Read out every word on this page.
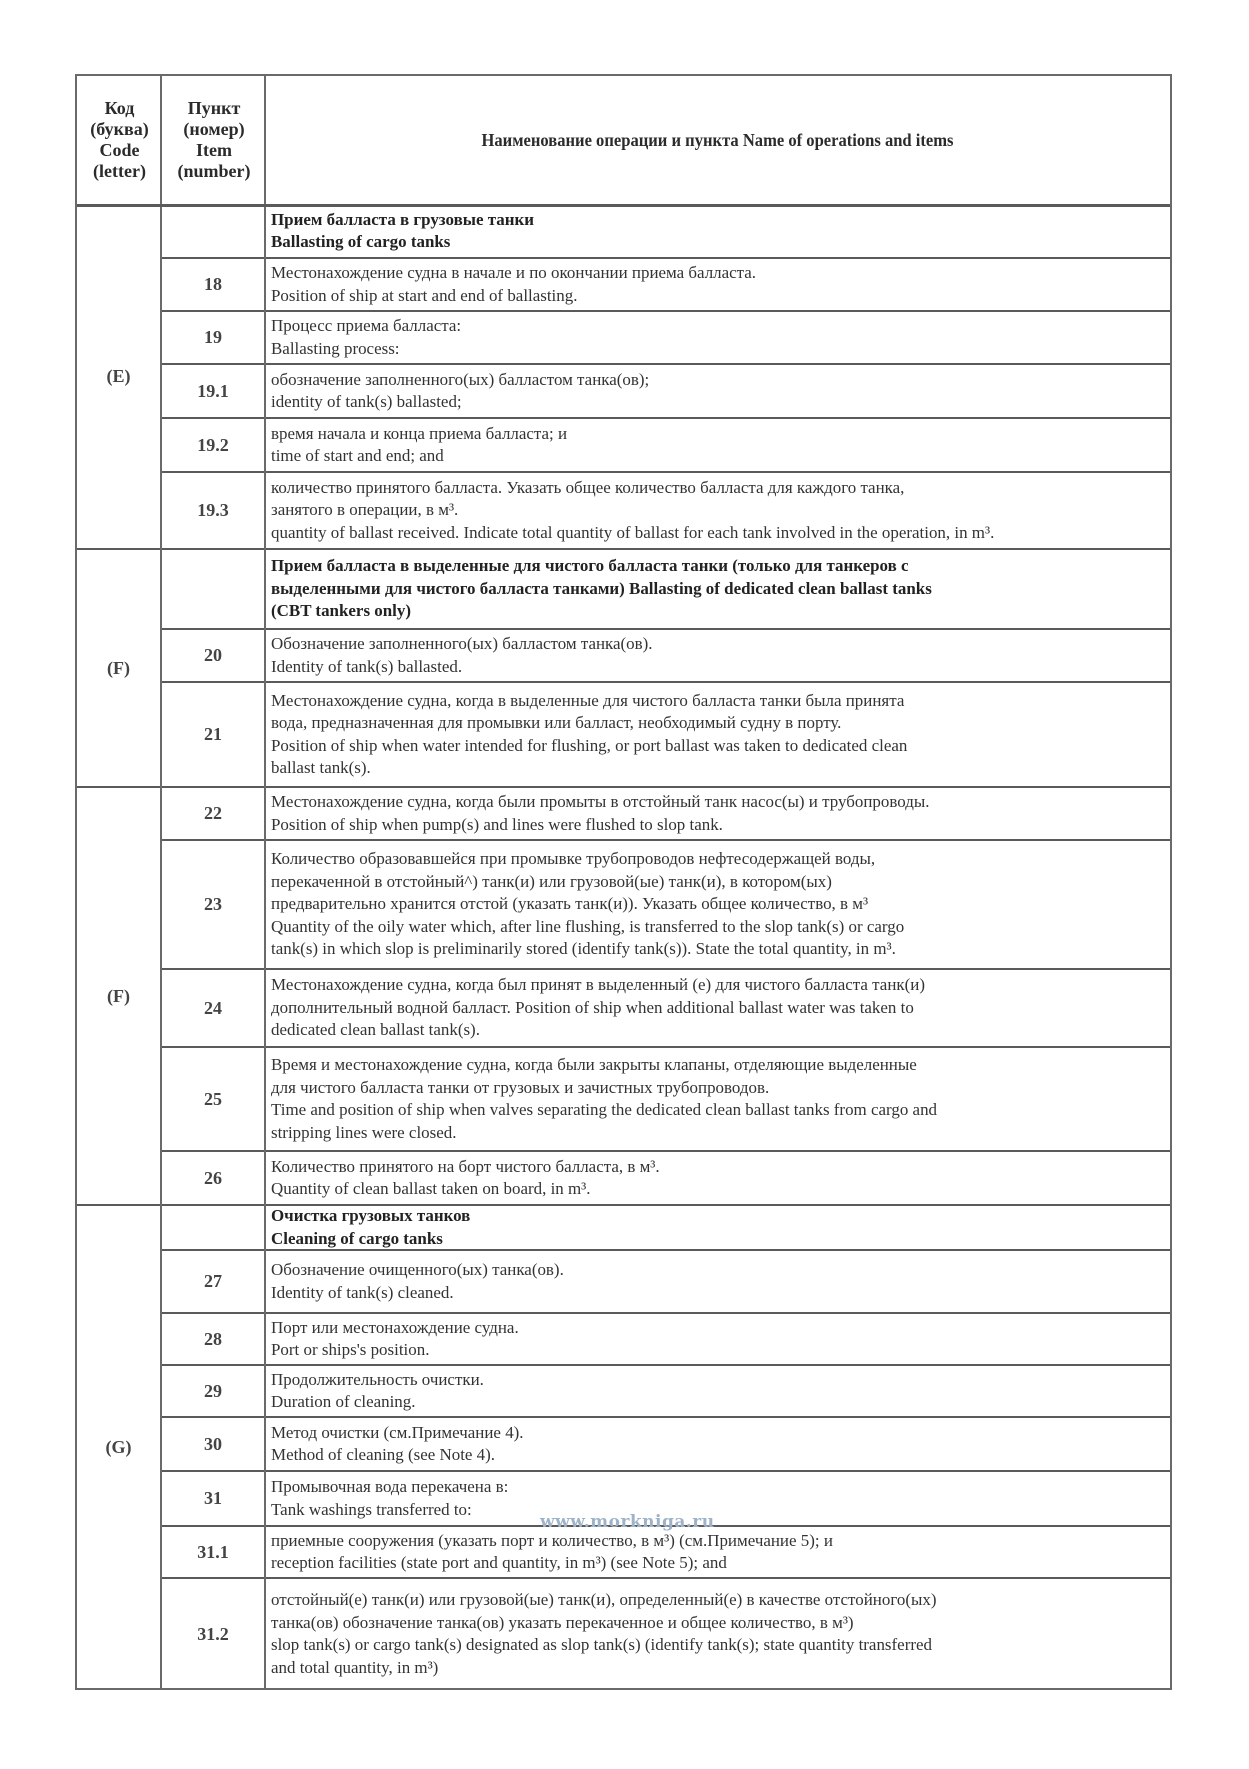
Код
(буква)
Code
(letter)
Пункт
(номер)
Item
(number)
Наименование операции и пункта Name of operations and items
(E)
(F)
(F)
(G)
Прием балласта в грузовые танки
Ballasting of cargo tanks
18
Местонахождение судна в начале и по окончании приема балласта.
Position of ship at start and end of ballasting.
19
Процесс приема балласта:
Ballasting process:
19.1
обозначение заполненного(ых) балластом танка(ов);
identity of tank(s) ballasted;
19.2
время начала и конца приема балласта; и
time of start and end; and
19.3
количество принятого балласта. Указать общее количество балласта для каждого танка,
занятого в операции, в м³.
quantity of ballast received. Indicate total quantity of ballast for each tank involved in the operation, in m³.
Прием балласта в выделенные для чистого балласта танки (только для танкеров с
выделенными для чистого балласта танками) Ballasting of dedicated clean ballast tanks
(CBT tankers only)
20
Обозначение заполненного(ых) балластом танка(ов).
Identity of tank(s) ballasted.
21
Местонахождение судна, когда в выделенные для чистого балласта танки была принята
вода, предназначенная для промывки или балласт, необходимый судну в порту.
Position of ship when water intended for flushing, or port ballast was taken to dedicated clean
ballast tank(s).
22
Местонахождение судна, когда были промыты в отстойный танк насос(ы) и трубопроводы.
Position of ship when pump(s) and lines were flushed to slop tank.
23
Количество образовавшейся при промывке трубопроводов нефтесодержащей воды,
перекаченной в отстойный^) танк(и) или грузовой(ые) танк(и), в котором(ых)
предварительно хранится отстой (указать танк(и)). Указать общее количество, в м³
Quantity of the oily water which, after line flushing, is transferred to the slop tank(s) or cargo
tank(s) in which slop is preliminarily stored (identify tank(s)). State the total quantity, in m³.
24
Местонахождение судна, когда был принят в выделенный (е) для чистого балласта танк(и)
дополнительный водной балласт. Position of ship when additional ballast water was taken to
dedicated clean ballast tank(s).
25
Время и местонахождение судна, когда были закрыты клапаны, отделяющие выделенные
для чистого балласта танки от грузовых и зачистных трубопроводов.
Time and position of ship when valves separating the dedicated clean ballast tanks from cargo and
stripping lines were closed.
26
Количество принятого на борт чистого балласта, в м³.
Quantity of clean ballast taken on board, in m³.
Очистка грузовых танков
Cleaning of cargo tanks
27
Обозначение очищенного(ых) танка(ов).
Identity of tank(s) cleaned.
28
Порт или местонахождение судна.
Port or ships's position.
29
Продолжительность очистки.
Duration of cleaning.
30
Метод очистки (см.Примечание 4).
Method of cleaning (see Note 4).
31
Промывочная вода перекачена в:
Tank washings transferred to:
31.1
приемные сооружения (указать порт и количество, в м³) (см.Примечание 5); и
reception facilities (state port and quantity, in m³) (see Note 5); and
31.2
отстойный(е) танк(и) или грузовой(ые) танк(и), определенный(е) в качестве отстойного(ых)
танка(ов) обозначение танка(ов) указать перекаченное и общее количество, в м³)
slop tank(s) or cargo tank(s) designated as slop tank(s) (identify tank(s); state quantity transferred
and total quantity, in m³)
www.morkniga.ru
